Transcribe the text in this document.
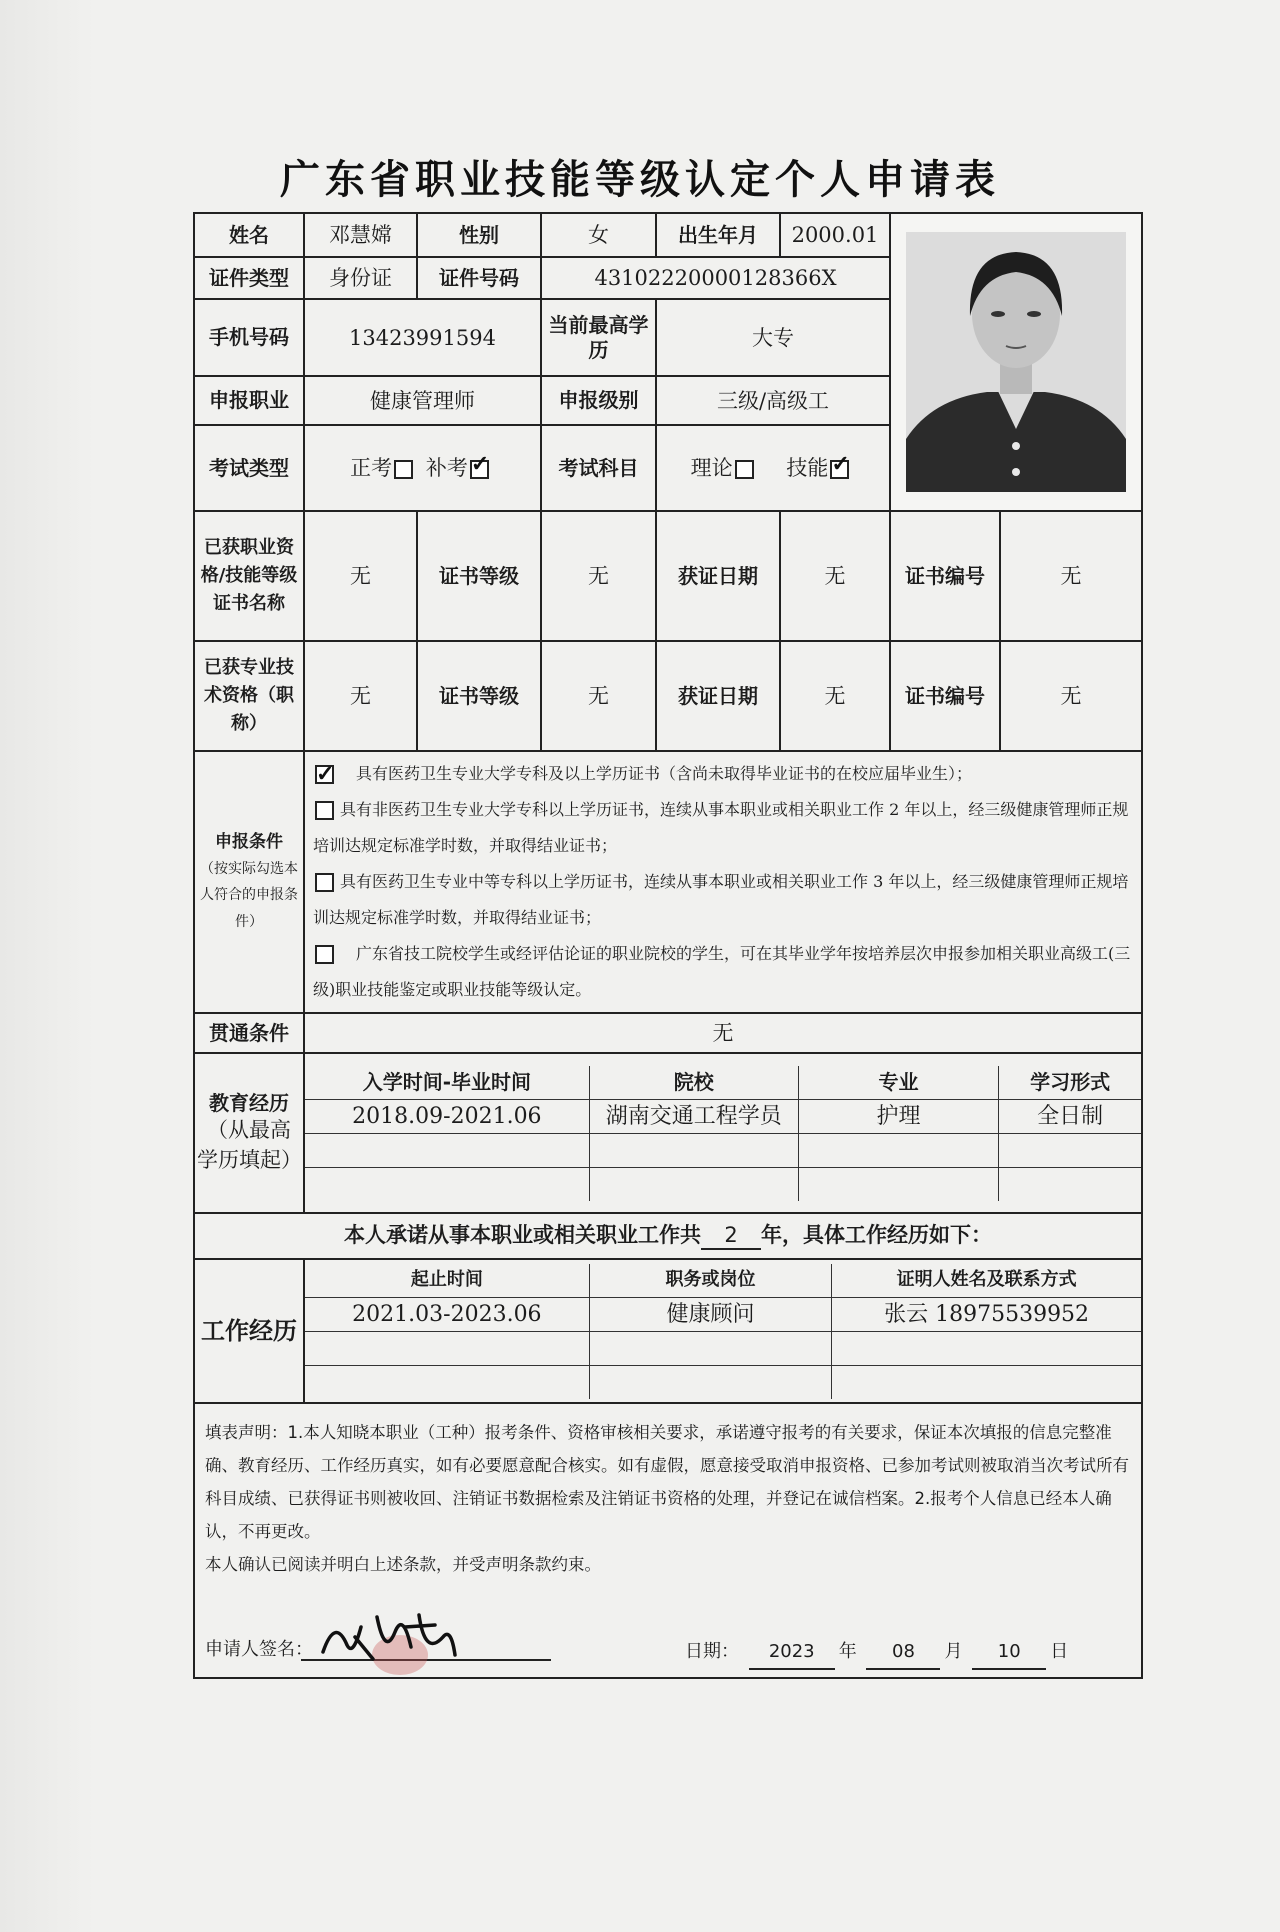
广东省职业技能等级认定个人申请表
姓名	邓慧嫦	性别	女	出生年月	2000.01	
证件类型	身份证	证件号码	43102220000128366X
手机号码	13423991594	当前最高学历	大专
申报职业	健康管理师	申报级别	三级/高级工
考试类型	正考 补考✓	考试科目	理论	技能✓
已获职业资格/技能等级证书名称	无	证书等级	无	获证日期	无	证书编号	无
已获专业技术资格（职称）	无	证书等级	无	获证日期	无	证书编号	无

申报条件
（按实际勾选本人符合的申报条件）

✓具有医药卫生专业大学专科及以上学历证书（含尚未取得毕业证书的在校应届毕业生）；
具有非医药卫生专业大学专科以上学历证书，连续从事本职业或相关职业工作 2 年以上，经三级健康管理师正规培训达规定标准学时数，并取得结业证书；
具有医药卫生专业中等专科以上学历证书，连续从事本职业或相关职业工作 3 年以上，经三级健康管理师正规培训达规定标准学时数，并取得结业证书；
广东省技工院校学生或经评估论证的职业院校的学生，可在其毕业学年按培养层次申报参加相关职业高级工(三级)职业技能鉴定或职业技能等级认定。

贯通条件	无

教育经历
（从最高学历填起）

入学时间-毕业时间	院校	专业	学习形式
2018.09-2021.06	湖南交通工程学员	护理	全日制

本人承诺从事本职业或相关职业工作共 2 年，具体工作经历如下：
工作经历	
起止时间	职务或岗位	证明人姓名及联系方式
2021.03-2023.06	健康顾问	张云 18975539952

填表声明：1.本人知晓本职业（工种）报考条件、资格审核相关要求，承诺遵守报考的有关要求，保证本次填报的信息完整准确、教育经历、工作经历真实，如有必要愿意配合核实。如有虚假，愿意接受取消申报资格、已参加考试则被取消当次考试所有科目成绩、已获得证书则被收回、注销证书数据检索及注销证书资格的处理，并登记在诚信档案。2.报考个人信息已经本人确认，不再更改。
本人确认已阅读并明白上述条款，并受声明条款约束。
申请人签名：	日期： 2023 年 08 月 10 日
